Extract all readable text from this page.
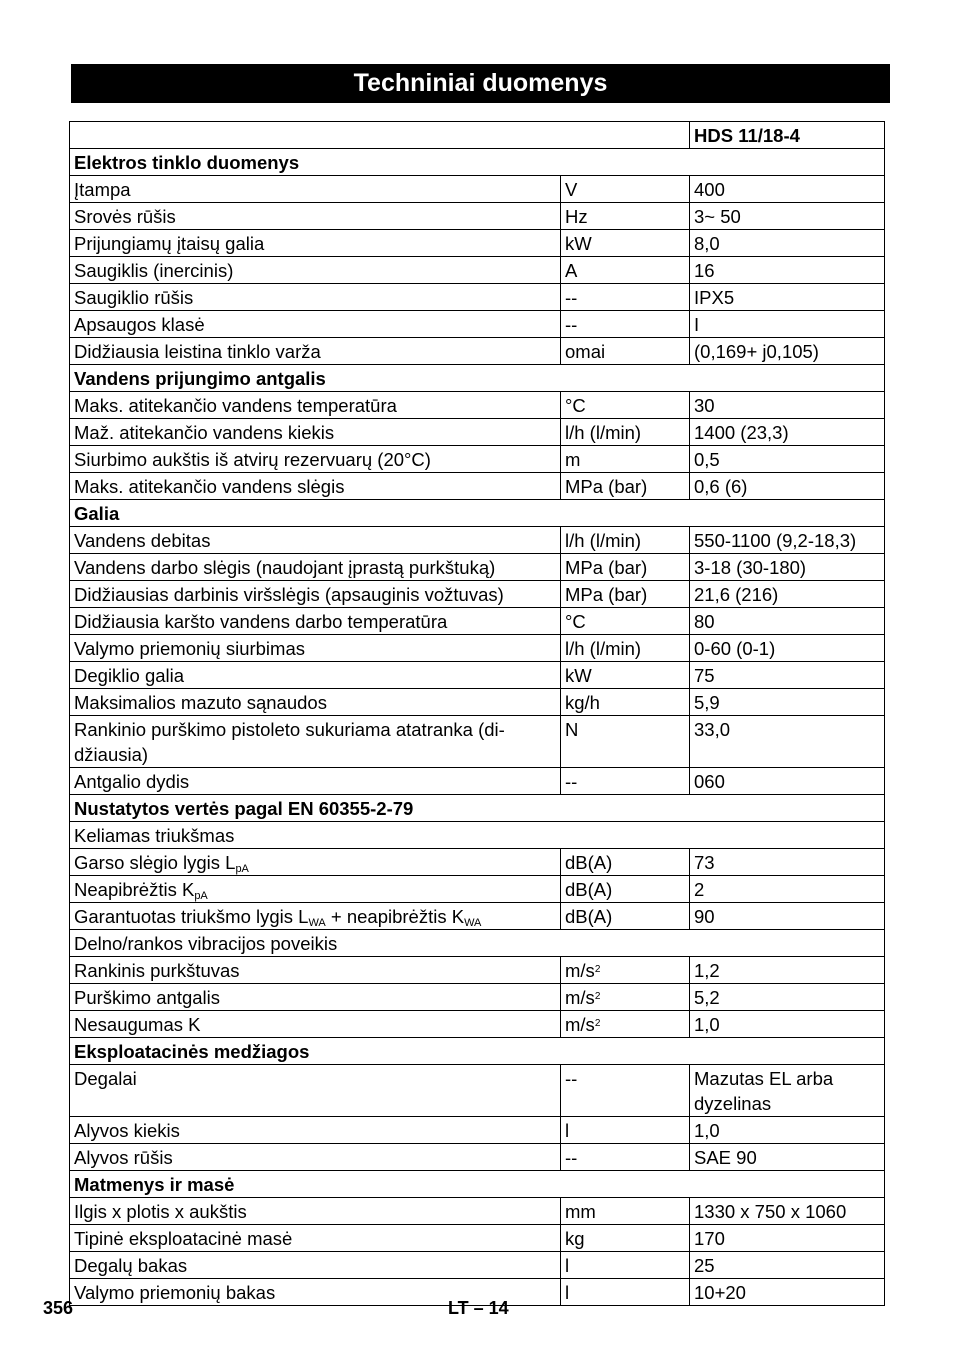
Techniniai duomenys
		HDS 11/18-4
Elektros tinklo duomenys		
Įtampa	V	400
Srovės rūšis	Hz	3~ 50
Prijungiamų įtaisų galia	kW	8,0
Saugiklis (inercinis)	A	16
Saugiklio rūšis	--	IPX5
Apsaugos klasė	--	I
Didžiausia leistina tinklo varža	omai	(0,169+ j0,105)
Vandens prijungimo antgalis		
Maks. atitekančio vandens temperatūra	°C	30
Maž. atitekančio vandens kiekis	l/h (l/min)	1400 (23,3)
Siurbimo aukštis iš atvirų rezervuarų (20°C)	m	0,5
Maks. atitekančio vandens slėgis	MPa (bar)	0,6 (6)
Galia		
Vandens debitas	l/h (l/min)	550-1100 (9,2-18,3)
Vandens darbo slėgis (naudojant įprastą purkštuką)	MPa (bar)	3-18 (30-180)
Didžiausias darbinis viršslėgis (apsauginis vožtuvas)	MPa (bar)	21,6 (216)
Didžiausia karšto vandens darbo temperatūra	°C	80
Valymo priemonių siurbimas	l/h (l/min)	0-60 (0-1)
Degiklio galia	kW	75
Maksimalios mazuto sąnaudos	kg/h	5,9
Rankinio purškimo pistoleto sukuriama atatranka (di-
džiausia)	N	33,0
Antgalio dydis	--	060
Nustatytos vertės pagal EN 60355-2-79		
Keliamas triukšmas		
Garso slėgio lygis $L_{pA}$	dB(A)	73
Neapibrėžtis $K_{pA}$	dB(A)	2
Garantuotas triukšmo lygis $L_{WA}$ + neapibrėžtis $K_{WA}$	dB(A)	90
Delno/rankos vibracijos poveikis		
Rankinis purkštuvas	$m/s^2$	1,2
Purškimo antgalis	$m/s^2$	5,2
Nesaugumas K	$m/s^2$	1,0
Eksploatacinės medžiagos		
Degalai	--	Mazutas EL arba
dyzelinas
Alyvos kiekis	l	1,0
Alyvos rūšis	--	SAE 90
Matmenys ir masė		
Ilgis x plotis x aukštis	mm	1330 x 750 x 1060
Tipinė eksploatacinė masė	kg	170
Degalų bakas	l	25
Valymo priemonių bakas	l	10+20
356	LT – 14
